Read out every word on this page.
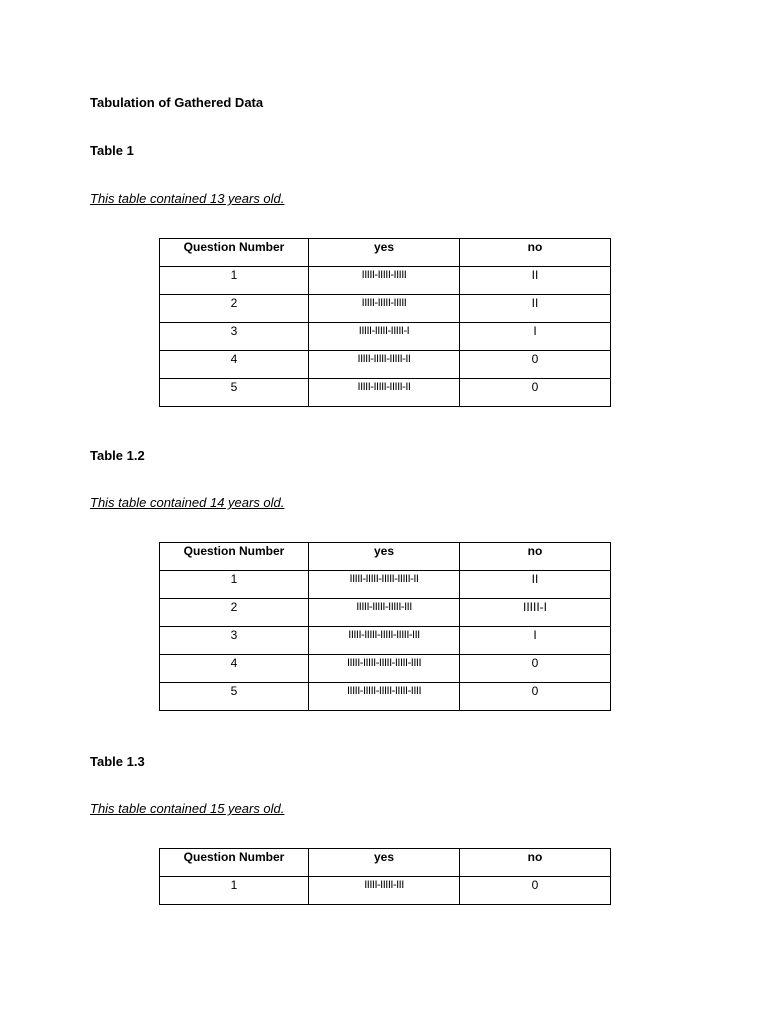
Tabulation of Gathered Data
Table 1
This table contained 13 years old.
Question Number	yes	no
1	IIIII-IIIII-IIIII	II
2	IIIII-IIIII-IIIII	II
3	IIIII-IIIII-IIIII-I	I
4	IIIII-IIIII-IIIII-II	0
5	IIIII-IIIII-IIIII-II	0
Table 1.2
This table contained 14 years old.
Question Number	yes	no
1	IIIII-IIIII-IIIII-IIIII-II	II
2	IIIII-IIIII-IIIII-III	IIIII-I
3	IIIII-IIIII-IIIII-IIIII-III	I
4	IIIII-IIIII-IIIII-IIIII-IIII	0
5	IIIII-IIIII-IIIII-IIIII-IIII	0
Table 1.3
This table contained 15 years old.
Question Number	yes	no
1	IIIII-IIIII-III	0
